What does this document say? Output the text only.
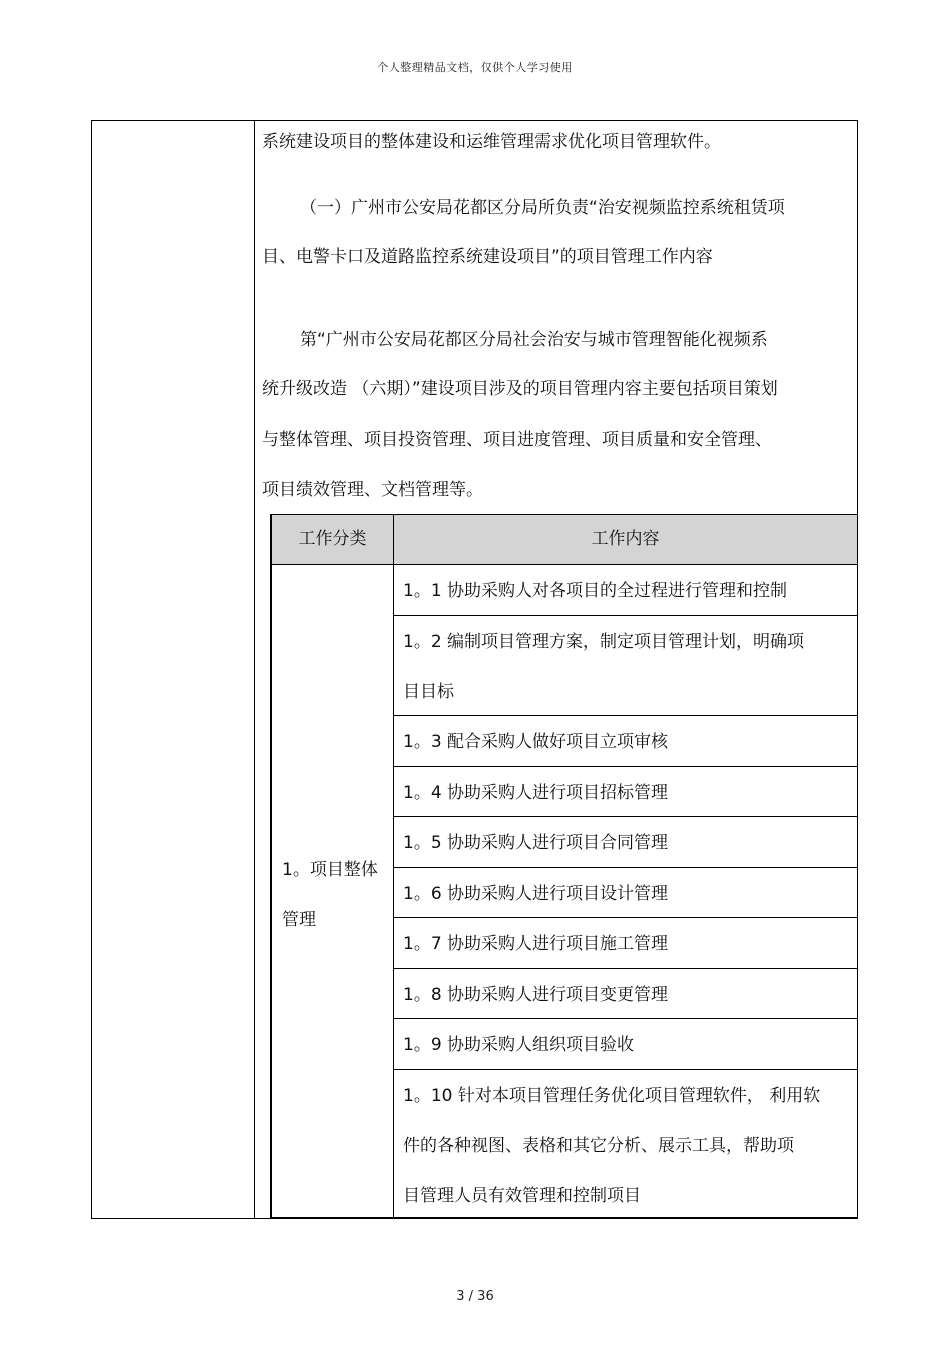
个人整理精品文档，仅供个人学习使用
系统建设项目的整体建设和运维管理需求优化项目管理软件。
（一）广州市公安局花都区分局所负责“治安视频监控系统租赁项
目、电警卡口及道路监控系统建设项目”的项目管理工作内容
第“广州市公安局花都区分局社会治安与城市管理智能化视频系
统升级改造 （六期）”建设项目涉及的项目管理内容主要包括项目策划
与整体管理、项目投资管理、项目进度管理、项目质量和安全管理、
项目绩效管理、文档管理等。
工作分类	工作内容
1。项目整体
管理
1。1 协助采购人对各项目的全过程进行管理和控制
1。2 编制项目管理方案，制定项目管理计划，明确项
目目标
1。3 配合采购人做好项目立项审核
1。4 协助采购人进行项目招标管理
1。5 协助采购人进行项目合同管理
1。6 协助采购人进行项目设计管理
1。7 协助采购人进行项目施工管理
1。8 协助采购人进行项目变更管理
1。9 协助采购人组织项目验收
1。10 针对本项目管理任务优化项目管理软件， 利用软
件的各种视图、表格和其它分析、展示工具，帮助项
目管理人员有效管理和控制项目
3 / 36
